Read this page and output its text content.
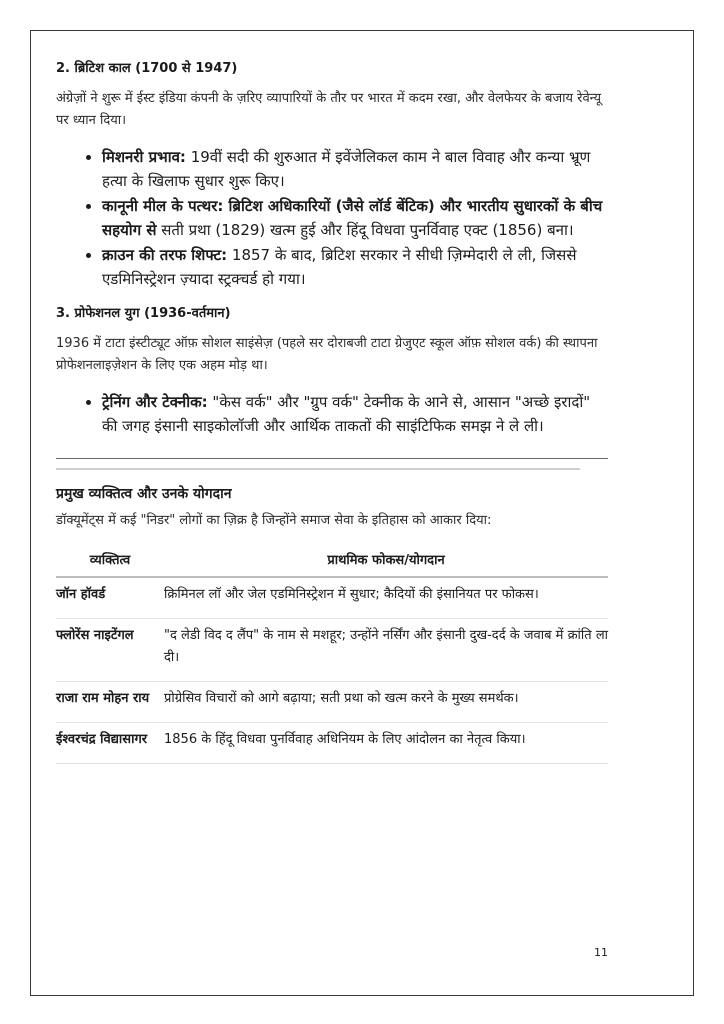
2. ब्रिटिश काल (1700 से 1947)

अंग्रेज़ों ने शुरू में ईस्ट इंडिया कंपनी के ज़रिए व्यापारियों के तौर पर भारत में कदम रखा, और वेलफेयर के बजाय रेवेन्यू पर ध्यान दिया।

• मिशनरी प्रभाव: 19वीं सदी की शुरुआत में इवेंजेलिकल काम ने बाल विवाह और कन्या भ्रूण हत्या के खिलाफ सुधार शुरू किए।
• कानूनी मील के पत्थर: ब्रिटिश अधिकारियों (जैसे लॉर्ड बेंटिक) और भारतीय सुधारकों के बीच सहयोग से सती प्रथा (1829) खत्म हुई और हिंदू विधवा पुनर्विवाह एक्ट (1856) बना।
• क्राउन की तरफ शिफ्ट: 1857 के बाद, ब्रिटिश सरकार ने सीधी ज़िम्मेदारी ले ली, जिससे एडमिनिस्ट्रेशन ज़्यादा स्ट्रक्चर्ड हो गया।
3. प्रोफेशनल युग (1936-वर्तमान)

1936 में टाटा इंस्टीट्यूट ऑफ़ सोशल साइंसेज़ (पहले सर दोराबजी टाटा ग्रेजुएट स्कूल ऑफ़ सोशल वर्क) की स्थापना प्रोफेशनलाइज़ेशन के लिए एक अहम मोड़ था।

• ट्रेनिंग और टेक्नीक: "केस वर्क" और "ग्रुप वर्क" टेक्नीक के आने से, आसान "अच्छे इरादों" की जगह इंसानी साइकोलॉजी और आर्थिक ताकतों की साइंटिफिक समझ ने ले ली।
प्रमुख व्यक्तित्व और उनके योगदान

डॉक्यूमेंट्स में कई "निडर" लोगों का ज़िक्र है जिन्होंने समाज सेवा के इतिहास को आकार दिया:

व्यक्तित्व	प्राथमिक फोकस/योगदान
जॉन हॉवर्ड	क्रिमिनल लॉ और जेल एडमिनिस्ट्रेशन में सुधार; कैदियों की इंसानियत पर फोकस।
फ्लोरेंस नाइटेंगल	"द लेडी विद द लैंप" के नाम से मशहूर; उन्होंने नर्सिंग और इंसानी दुख-दर्द के जवाब में क्रांति ला दी।
राजा राम मोहन राय	प्रोग्रेसिव विचारों को आगे बढ़ाया; सती प्रथा को खत्म करने के मुख्य समर्थक।
ईश्वरचंद्र विद्यासागर	1856 के हिंदू विधवा पुनर्विवाह अधिनियम के लिए आंदोलन का नेतृत्व किया।
11
